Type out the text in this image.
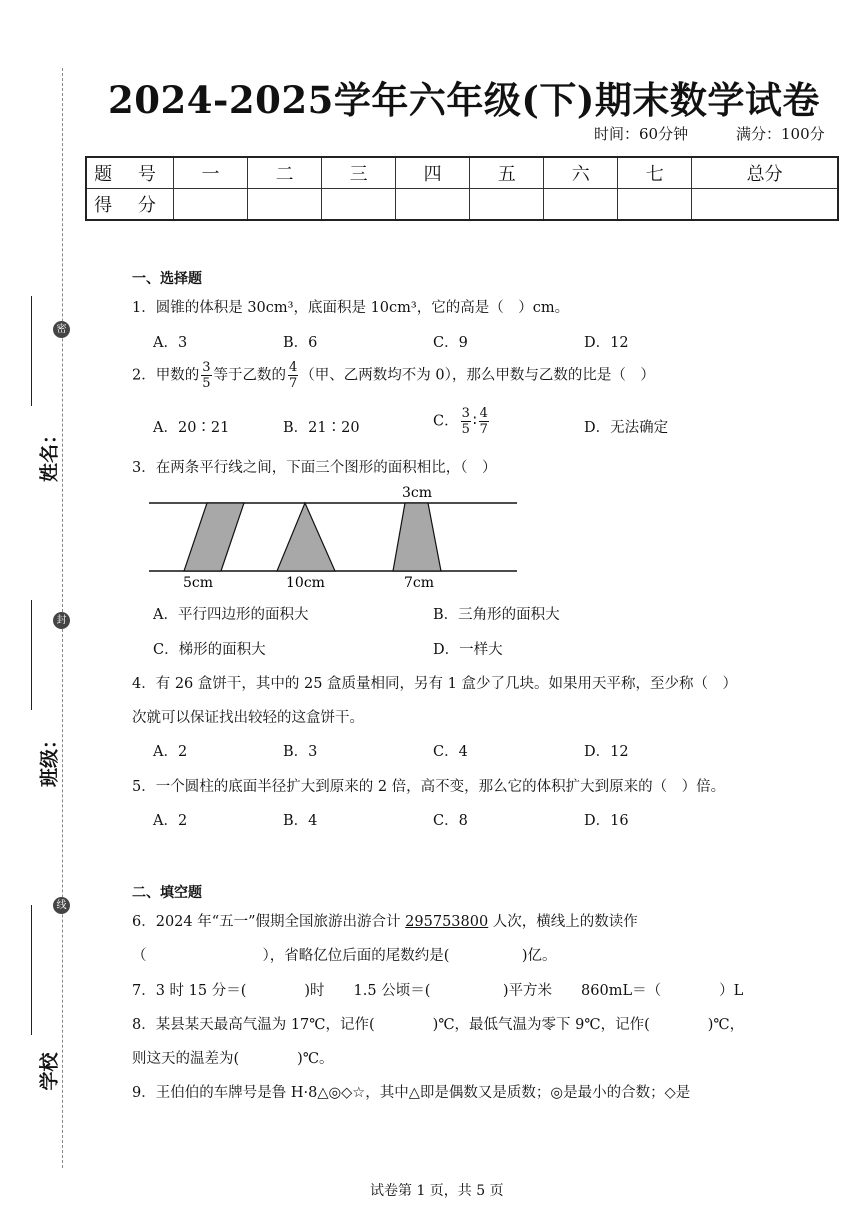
密
封
线
姓名：
班级：
学校
2024-2025学年六年级(下)期末数学试卷
时间：60分钟	满分：100分
题 号	一	二	三	四	五	六	七	总分
得 分								
一、选择题
1．圆锥的体积是 30cm³，底面积是 10cm³，它的高是（　）cm。
A．3	B．6	C．9	D．12
2．甲数的 $\frac{3}{5}$ 等于乙数的 $\frac{4}{7}$ （甲、乙两数均不为 0），那么甲数与乙数的比是（　）
A．20∶21	B．21∶20	C． $\frac{3}{5}$ ∶ $\frac{4}{7}$	D．无法确定
3．在两条平行线之间，下面三个图形的面积相比，（　）
3cm
5cm	10cm	7cm
A．平行四边形的面积大	B．三角形的面积大
C．梯形的面积大	D．一样大
4．有 26 盒饼干，其中的 25 盒质量相同，另有 1 盒少了几块。如果用天平称，至少称（　）
次就可以保证找出较轻的这盒饼干。
A．2	B．3	C．4	D．12
5．一个圆柱的底面半径扩大到原来的 2 倍，高不变，那么它的体积扩大到原来的（　）倍。
A．2	B．4	C．8	D．16
二、填空题
6．2024 年“五一”假期全国旅游出游合计 295753800 人次，横线上的数读作
（　　　　　　　　），省略亿位后面的尾数约是(　　　　　)亿。
7．3 时 15 分＝(　　　　)时　　1.5 公顷＝(　　　　　)平方米　　860mL＝（　　　　）L
8．某县某天最高气温为 17℃，记作(　　　　)℃，最低气温为零下 9℃，记作(　　　　)℃，
则这天的温差为(　　　　)℃。
9．王伯伯的车牌号是鲁 H·8△◎◇☆，其中△即是偶数又是质数；◎是最小的合数；◇是
试卷第 1 页，共 5 页
